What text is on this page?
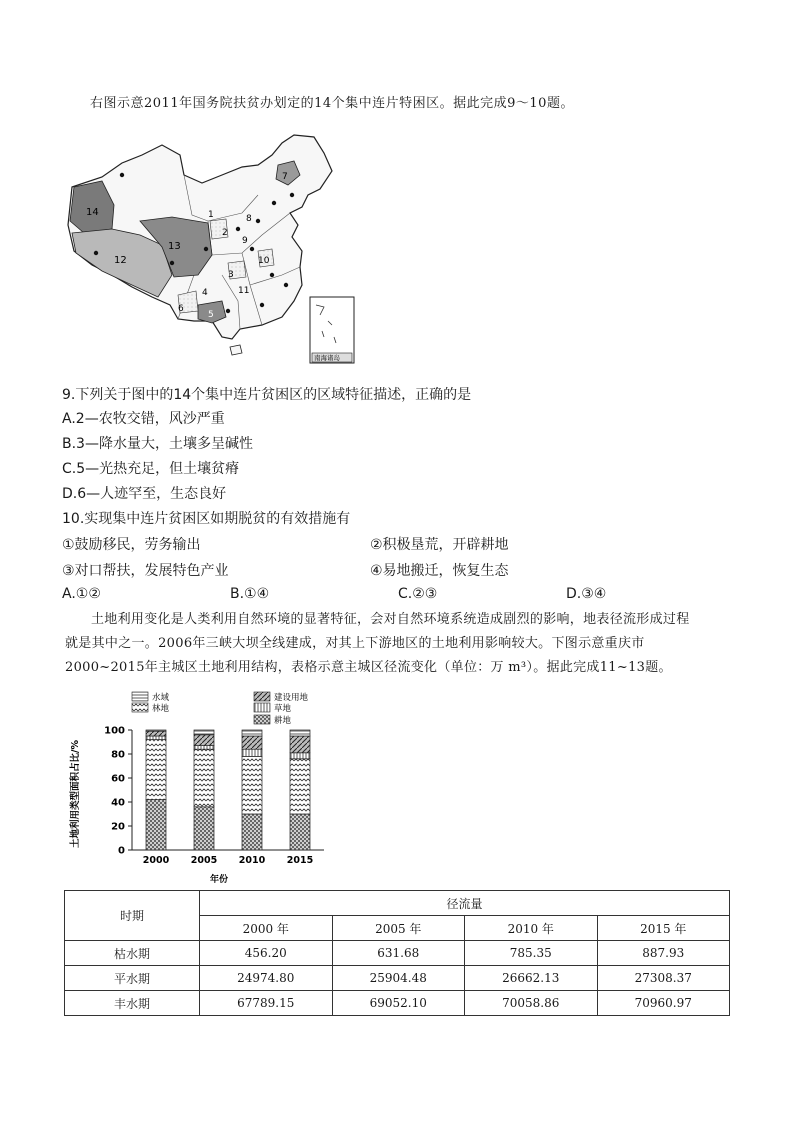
右图示意2011年国务院扶贫办划定的14个集中连片特困区。据此完成9～10题。
14
12
13
1
2
3
4
5
6
7
8
9
10
11
南海诸岛
9.下列关于图中的14个集中连片贫困区的区域特征描述，正确的是
A.2—农牧交错，风沙严重
B.3—降水量大，土壤多呈碱性
C.5—光热充足，但土壤贫瘠
D.6—人迹罕至，生态良好
10.实现集中连片贫困区如期脱贫的有效措施有
①鼓励移民，劳务输出	②积极垦荒，开辟耕地
③对口帮扶，发展特色产业	④易地搬迁，恢复生态
A.①②	B.①④	C.②③	D.③④

土地利用变化是人类利用自然环境的显著特征，会对自然环境系统造成剧烈的影响，地表径流形成过程

就是其中之一。2006年三峡大坝全线建成，对其上下游地区的土地利用影响较大。下图示意重庆市
2000~2015年主城区土地利用结构，表格示意主城区径流变化（单位：万 m³）。据此完成11~13题。
水域
林地
建设用地
草地
耕地
土地利用类型面积占比/%
0
20
40
60
80
100
2000 2005 2010 2015
年份
时期	径流量			
	2000 年	2005 年	2010 年	2015 年
枯水期	456.20	631.68	785.35	887.93
平水期	24974.80	25904.48	26662.13	27308.37
丰水期	67789.15	69052.10	70058.86	70960.97
